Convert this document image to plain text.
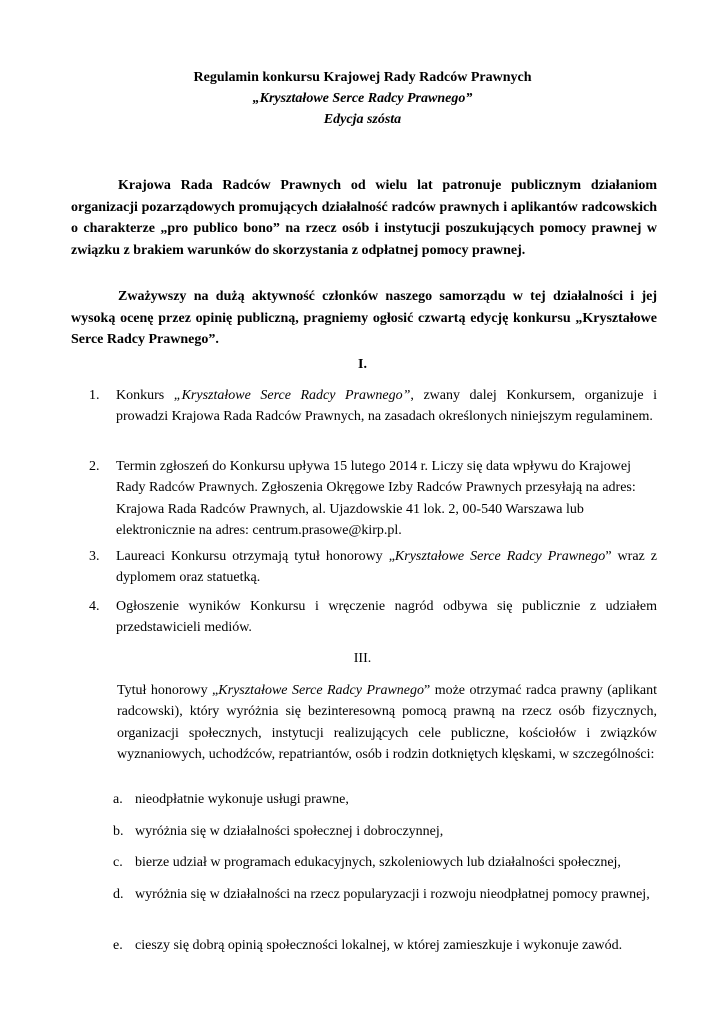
Regulamin konkursu Krajowej Rady Radców Prawnych
„Kryształowe Serce Radcy Prawnego”
Edycja szósta

Krajowa Rada Radców Prawnych od wielu lat patronuje publicznym działaniom organizacji pozarządowych promujących działalność radców prawnych i aplikantów radcowskich o charakterze „pro publico bono” na rzecz osób i instytucji poszukujących pomocy prawnej w związku z brakiem warunków do skorzystania z odpłatnej pomocy prawnej.

Zważywszy na dużą aktywność członków naszego samorządu w tej działalności i jej wysoką ocenę przez opinię publiczną, pragniemy ogłosić czwartą edycję konkursu „Kryształowe Serce Radcy Prawnego”.

I.
1. Konkurs „Kryształowe Serce Radcy Prawnego”, zwany dalej Konkursem, organizuje i prowadzi Krajowa Rada Radców Prawnych, na zasadach określonych niniejszym regulaminem.
2. Termin zgłoszeń do Konkursu upływa 15 lutego 2014 r. Liczy się data wpływu do Krajowej Rady Radców Prawnych. Zgłoszenia Okręgowe Izby Radców Prawnych przesyłają na adres: Krajowa Rada Radców Prawnych, al. Ujazdowskie 41 lok. 2, 00-540 Warszawa lub elektronicznie na adres: centrum.prasowe@kirp.pl.
3. Laureaci Konkursu otrzymają tytuł honorowy „Kryształowe Serce Radcy Prawnego” wraz z dyplomem oraz statuetką.
4. Ogłoszenie wyników Konkursu i wręczenie nagród odbywa się publicznie z udziałem przedstawicieli mediów.
III.

Tytuł honorowy „Kryształowe Serce Radcy Prawnego” może otrzymać radca prawny (aplikant radcowski), który wyróżnia się bezinteresowną pomocą prawną na rzecz osób fizycznych, organizacji społecznych, instytucji realizujących cele publiczne, kościołów i związków wyznaniowych, uchodźców, repatriantów, osób i rodzin dotkniętych klęskami, w szczególności:

a. nieodpłatnie wykonuje usługi prawne,
b. wyróżnia się w działalności społecznej i dobroczynnej,
c. bierze udział w programach edukacyjnych, szkoleniowych lub działalności społecznej,
d. wyróżnia się w działalności na rzecz popularyzacji i rozwoju nieodpłatnej pomocy prawnej,
e. cieszy się dobrą opinią społeczności lokalnej, w której zamieszkuje i wykonuje zawód.
